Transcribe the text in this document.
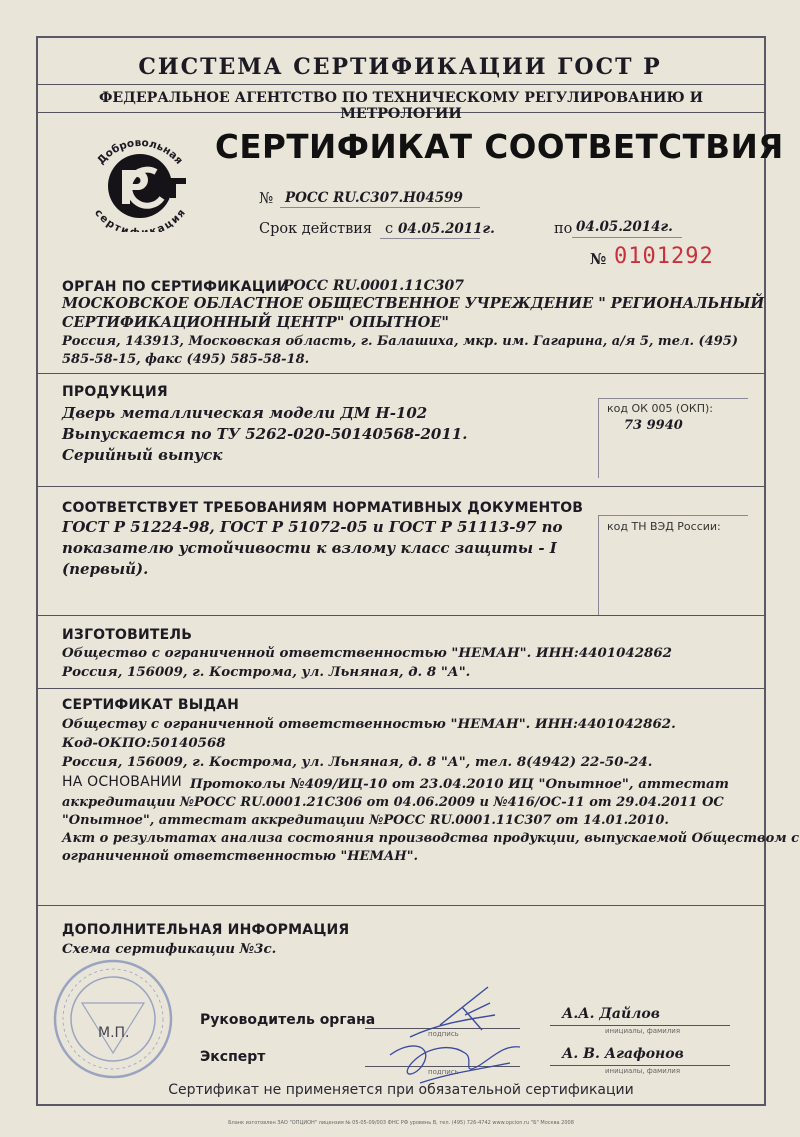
СИСТЕМА СЕРТИФИКАЦИИ ГОСТ Р
ФЕДЕРАЛЬНОЕ АГЕНТСТВО ПО ТЕХНИЧЕСКОМУ РЕГУЛИРОВАНИЮ И МЕТРОЛОГИИ
Добровольная
серти кация
СЕРТИФИКАТ СООТВЕТСТВИЯ
№ РОСС RU.С307.Н04599
Срок действия с 04.05.2011г.	по 04.05.2014г.
№ 0101292
ОРГАН ПО СЕРТИФИКАЦИИ
РОСС RU.0001.11С307
МОСКОВСКОЕ ОБЛАСТНОЕ ОБЩЕСТВЕННОЕ УЧРЕЖДЕНИЕ " РЕГИОНАЛЬНЫЙ
СЕРТИФИКАЦИОННЫЙ ЦЕНТР" ОПЫТНОЕ"
Россия, 143913, Московская область, г. Балашиха, мкр. им. Гагарина, а/я 5, тел. (495)
585-58-15, факс (495) 585-58-18.
ПРОДУКЦИЯ
Дверь металлическая модели ДМ Н-102
Выпускается по ТУ 5262-020-50140568-2011.
Серийный выпуск
код ОК 005 (ОКП):
73 9940
СООТВЕТСТВУЕТ ТРЕБОВАНИЯМ НОРМАТИВНЫХ ДОКУМЕНТОВ
ГОСТ Р 51224-98, ГОСТ Р 51072-05 и ГОСТ Р 51113-97 по
показателю устойчивости к взлому класс защиты - I
(первый).
код ТН ВЭД России:
ИЗГОТОВИТЕЛЬ
Общество с ограниченной ответственностью "НЕМАН". ИНН:4401042862
Россия, 156009, г. Кострома, ул. Льняная, д. 8 "А".
СЕРТИФИКАТ ВЫДАН
Обществу с ограниченной ответственностью "НЕМАН". ИНН:4401042862.
Код-ОКПО:50140568
Россия, 156009, г. Кострома, ул. Льняная, д. 8 "А", тел. 8(4942) 22-50-24.
НА ОСНОВАНИИ Протоколы №409/ИЦ-10 от 23.04.2010 ИЦ "Опытное", аттестат
аккредитации №РОСС RU.0001.21С306 от 04.06.2009 и №416/ОС-11 от 29.04.2011 ОС
"Опытное", аттестат аккредитации №РОСС RU.0001.11С307 от 14.01.2010.
Акт о результатах анализа состояния производства продукции, выпускаемой Обществом с
ограниченной ответственностью "НЕМАН".
ДОПОЛНИТЕЛЬНАЯ ИНФОРМАЦИЯ
Схема сертификации №3с.
М.П.
Руководитель органа
подпись
А.А. Дайлов
инициалы, фамилия
Эксперт
подпись
А. В. Агафонов
инициалы, фамилия
Сертификат не применяется при обязательной сертификации
Бланк изготовлен ЗАО "ОПЦИОН" лицензия № 05-05-09/003 ФНС РФ уровень В, тел. (495) 726-4742 www.opcion.ru "Б" Москва 2008
